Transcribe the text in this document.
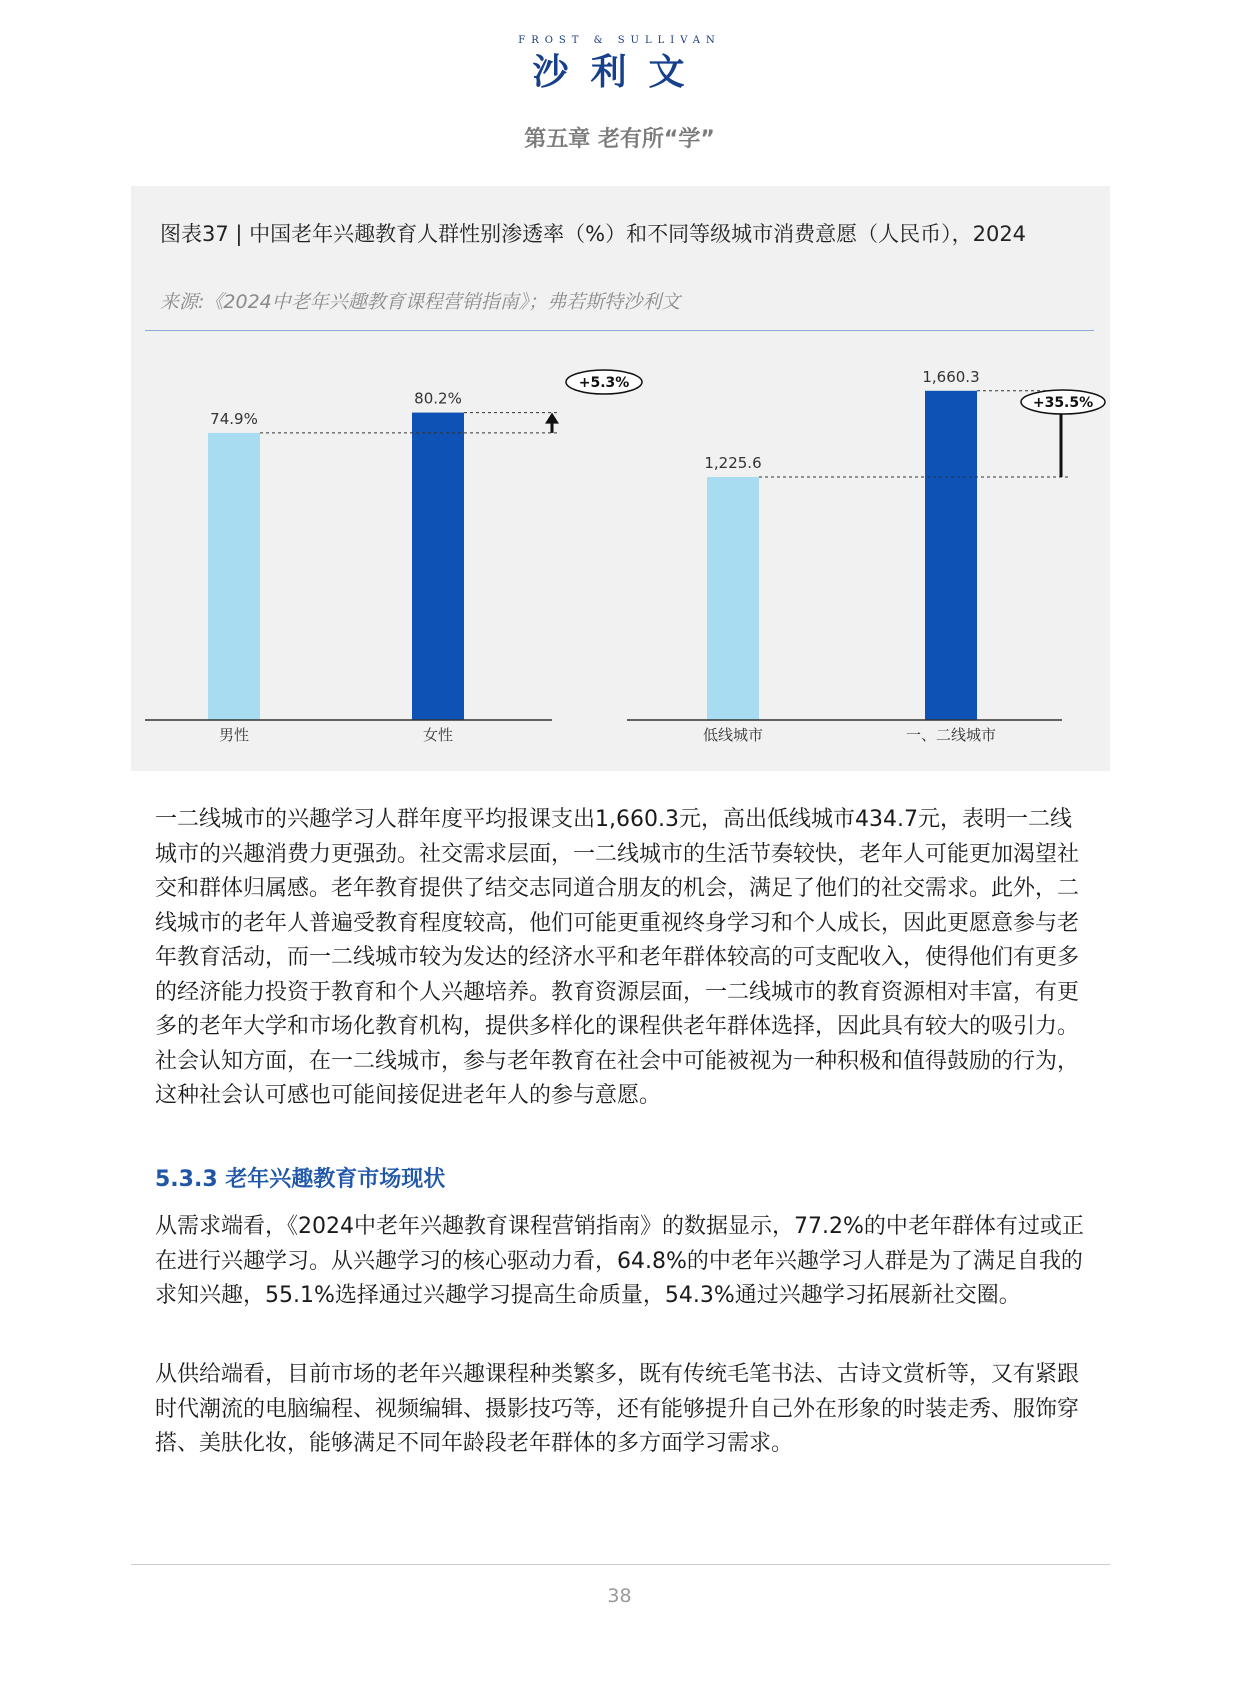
FROST & SULLIVAN
沙利文
第五章 老有所“学”
图表37 | 中国老年兴趣教育人群性别渗透率（%）和不同等级城市消费意愿（人民币），2024
来源:《2024中老年兴趣教育课程营销指南》；弗若斯特沙利文
74.9%
男性
80.2%
女性
+5.3%
1,225.6
低线城市
1,660.3
一、二线城市
+35.5%

一二线城市的兴趣学习人群年度平均报课支出1,660.3元，高出低线城市434.7元，表明一二线城市的兴趣消费力更强劲。社交需求层面，一二线城市的生活节奏较快，老年人可能更加渴望社交和群体归属感。老年教育提供了结交志同道合朋友的机会，满足了他们的社交需求。此外，二线城市的老年人普遍受教育程度较高，他们可能更重视终身学习和个人成长，因此更愿意参与老年教育活动，而一二线城市较为发达的经济水平和老年群体较高的可支配收入，使得他们有更多的经济能力投资于教育和个人兴趣培养。教育资源层面，一二线城市的教育资源相对丰富，有更多的老年大学和市场化教育机构，提供多样化的课程供老年群体选择，因此具有较大的吸引力。社会认知方面，在一二线城市，参与老年教育在社会中可能被视为一种积极和值得鼓励的行为，这种社会认可感也可能间接促进老年人的参与意愿。

5.3.3 老年兴趣教育市场现状

从需求端看，《2024中老年兴趣教育课程营销指南》的数据显示，77.2%的中老年群体有过或正在进行兴趣学习。从兴趣学习的核心驱动力看，64.8%的中老年兴趣学习人群是为了满足自我的求知兴趣，55.1%选择通过兴趣学习提高生命质量，54.3%通过兴趣学习拓展新社交圈。

从供给端看，目前市场的老年兴趣课程种类繁多，既有传统毛笔书法、古诗文赏析等，又有紧跟时代潮流的电脑编程、视频编辑、摄影技巧等，还有能够提升自己外在形象的时装走秀、服饰穿搭、美肤化妆，能够满足不同年龄段老年群体的多方面学习需求。

38
